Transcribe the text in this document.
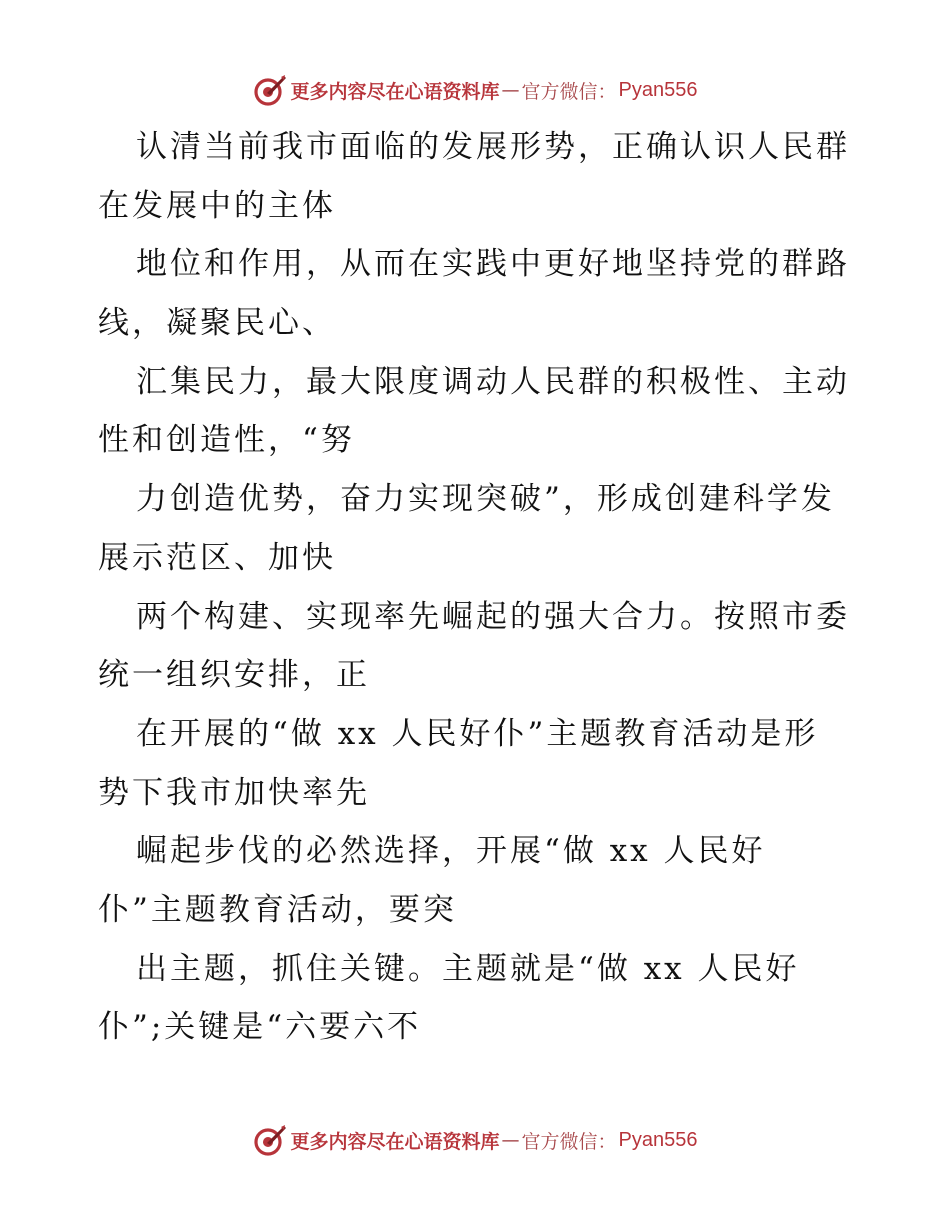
更多内容尽在心语资料库 — 官方微信： Pyan556
认清当前我市面临的发展形势，正确认识人民群
在发展中的主体
地位和作用，从而在实践中更好地坚持党的群路
线，凝聚民心、
汇集民力，最大限度调动人民群的积极性、主动
性和创造性，“努
力创造优势，奋力实现突破”，形成创建科学发
展示范区、加快
两个构建、实现率先崛起的强大合力。按照市委
统一组织安排，正
在开展的“做 xx 人民好仆”主题教育活动是形
势下我市加快率先
崛起步伐的必然选择，开展“做 xx 人民好
仆”主题教育活动，要突
出主题，抓住关键。主题就是“做 xx 人民好
仆”;关键是“六要六不
更多内容尽在心语资料库 — 官方微信： Pyan556
